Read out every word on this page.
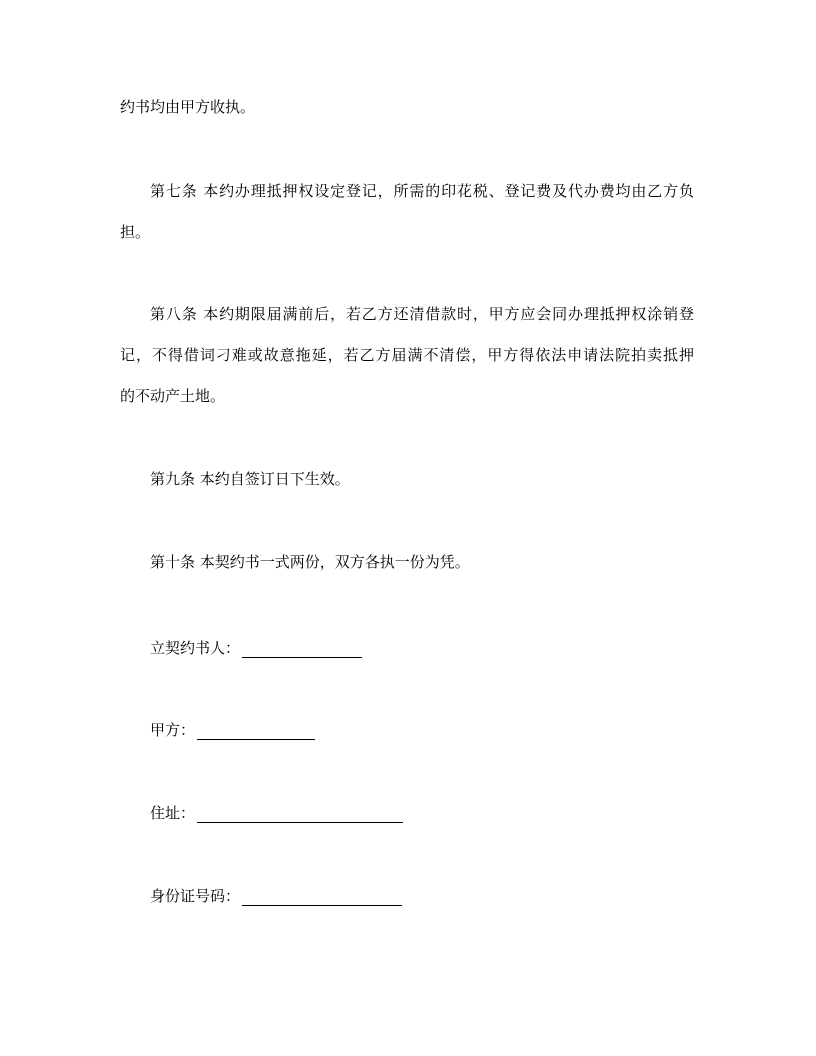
约书均由甲方收执。
第七条 本约办理抵押权设定登记，所需的印花税、登记费及代办费均由乙方负
担。
第八条 本约期限届满前后，若乙方还清借款时，甲方应会同办理抵押权涂销登
记，不得借词刁难或故意拖延，若乙方届满不清偿，甲方得依法申请法院拍卖抵押
的不动产土地。
第九条 本约自签订日下生效。
第十条 本契约书一式两份，双方各执一份为凭。
立契约书人：
甲方：
住址：
身份证号码：
